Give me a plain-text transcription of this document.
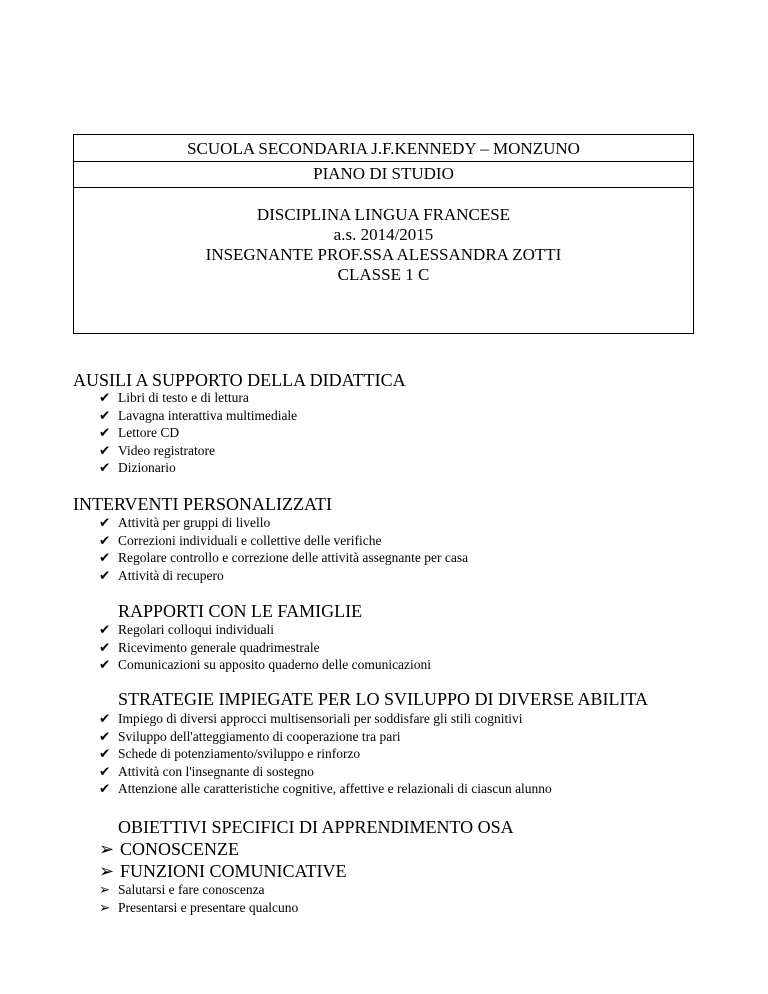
SCUOLA SECONDARIA J.F.KENNEDY – MONZUNO
PIANO DI STUDIO
DISCIPLINA LINGUA FRANCESE
a.s. 2014/2015
INSEGNANTE PROF.SSA ALESSANDRA ZOTTI
CLASSE 1 C
AUSILI A SUPPORTO DELLA DIDATTICA
✔ Libri di testo e di lettura
✔ Lavagna interattiva multimediale
✔ Lettore CD
✔ Video registratore
✔ Dizionario
INTERVENTI PERSONALIZZATI
✔ Attività per gruppi di livello
✔ Correzioni individuali e collettive delle verifiche
✔ Regolare controllo e correzione delle attività assegnante per casa
✔ Attività di recupero
RAPPORTI CON LE FAMIGLIE
✔ Regolari colloqui individuali
✔ Ricevimento generale quadrimestrale
✔ Comunicazioni su apposito quaderno delle comunicazioni
STRATEGIE IMPIEGATE PER LO SVILUPPO DI DIVERSE ABILITA
✔ Impiego di diversi approcci multisensoriali per soddisfare gli stili cognitivi
✔ Sviluppo dell'atteggiamento di cooperazione tra pari
✔ Schede di potenziamento/sviluppo e rinforzo
✔ Attività con l'insegnante di sostegno
✔ Attenzione alle caratteristiche cognitive, affettive e relazionali di ciascun alunno
OBIETTIVI SPECIFICI DI APPRENDIMENTO OSA
➢ CONOSCENZE
➢ FUNZIONI COMUNICATIVE
➢ Salutarsi e fare conoscenza
➢ Presentarsi e presentare qualcuno
